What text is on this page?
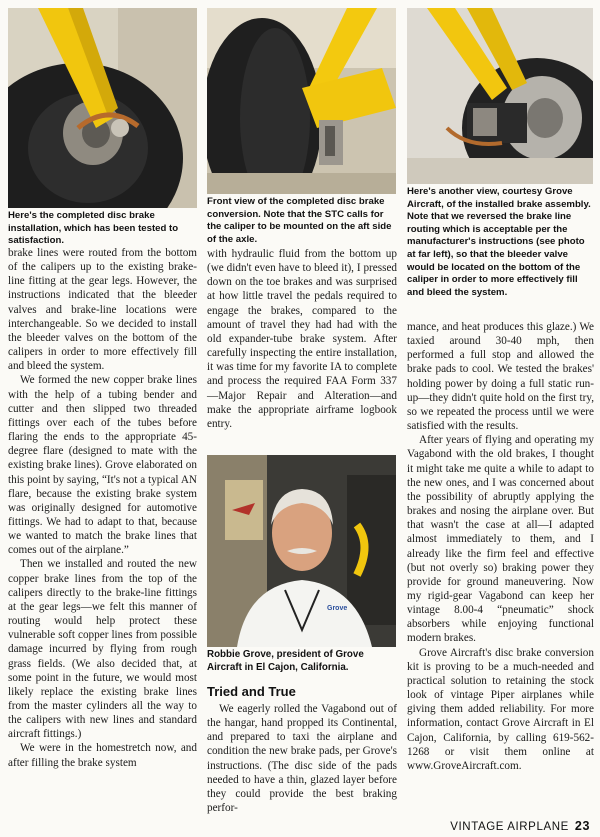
Here's the completed disc brake installation, which has been tested to satisfaction.
Front view of the completed disc brake conversion. Note that the STC calls for the caliper to be mounted on the aft side of the axle.
Here's another view, courtesy Grove Aircraft, of the installed brake assembly. Note that we reversed the brake line routing which is acceptable per the manufacturer's instructions (see photo at far left), so that the bleeder valve would be located on the bottom of the caliper in order to more effectively fill and bleed the system.

brake lines were routed from the bottom of the calipers up to the existing brake-line fitting at the gear legs. However, the instructions indicated that the bleeder valves and brake-line locations were interchangeable. So we decided to install the bleeder valves on the bottom of the calipers in order to more effectively fill and bleed the system.

We formed the new copper brake lines with the help of a tubing bender and cutter and then slipped two threaded fittings over each of the tubes before flaring the ends to the appropriate 45-degree flare (designed to mate with the existing brake lines). Grove elaborated on this point by saying, “It's not a typical AN flare, because the existing brake system was originally designed for automotive fittings. We had to adapt to that, because we wanted to match the brake lines that comes out of the airplane.”

Then we installed and routed the new copper brake lines from the top of the calipers directly to the brake-line fittings at the gear legs—we felt this manner of routing would help protect these vulnerable soft copper lines from possible damage incurred by flying from rough grass fields. (We also decided that, at some point in the future, we would most likely replace the existing brake lines from the master cylinders all the way to the calipers with new lines and standard aircraft fittings.)

We were in the homestretch now, and after filling the brake system

with hydraulic fluid from the bottom up (we didn't even have to bleed it), I pressed down on the toe brakes and was surprised at how little travel the pedals required to engage the brakes, compared to the amount of travel they had had with the old expander-tube brake system. After carefully inspecting the entire installation, it was time for my favorite IA to complete and process the required FAA Form 337—Major Repair and Alteration—and make the appropriate airframe logbook entry.

Grove
Robbie Grove, president of Grove Aircraft in El Cajon, California.
Tried and True

We eagerly rolled the Vagabond out of the hangar, hand propped its Continental, and prepared to taxi the airplane and condition the new brake pads, per Grove's instructions. (The disc side of the pads needed to have a thin, glazed layer before they could provide the best braking perfor-

mance, and heat produces this glaze.) We taxied around 30-40 mph, then performed a full stop and allowed the brake pads to cool. We tested the brakes' holding power by doing a full static run-up—they didn't quite hold on the first try, so we repeated the process until we were satisfied with the results.

After years of flying and operating my Vagabond with the old brakes, I thought it might take me quite a while to adapt to the new ones, and I was concerned about the possibility of abruptly applying the brakes and nosing the airplane over. But that wasn't the case at all—I adapted almost immediately to them, and I already like the firm feel and effective (but not overly so) braking power they provide for ground maneuvering. Now my rigid-gear Vagabond can keep her vintage 8.00-4 “pneumatic” shock absorbers while enjoying functional modern brakes.

Grove Aircraft's disc brake conversion kit is proving to be a much-needed and practical solution to retaining the stock look of vintage Piper airplanes while giving them added reliability. For more information, contact Grove Aircraft in El Cajon, California, by calling 619-562-1268 or visit them online at www.GroveAircraft.com.

VINTAGE AIRPLANE 23
